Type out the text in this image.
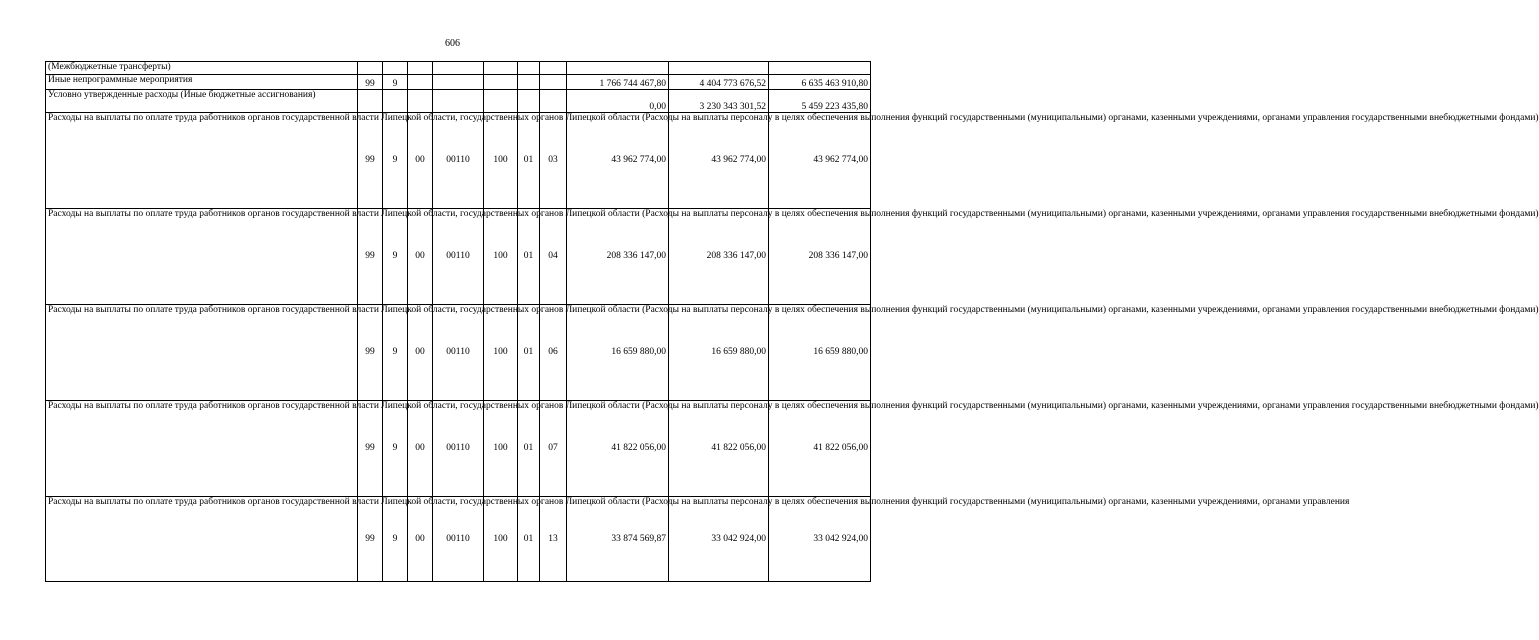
606
(Межбюджетные трансферты)										
Иные непрограммные мероприятия	99	9						1 766 744 467,80	4 404 773 676,52	6 635 463 910,80
Условно утвержденные расходы (Иные бюджетные ассигнования)								0,00	3 230 343 301,52	5 459 223 435,80
Расходы на выплаты по оплате труда работников органов государственной власти Липецкой области, государственных органов Липецкой области (Расходы на выплаты персоналу в целях обеспечения выполнения функций государственными (муниципальными) органами, казенными учреждениями, органами управления государственными внебюджетными фондами)	99	9	00	00110	100	01	03	43 962 774,00	43 962 774,00	43 962 774,00
Расходы на выплаты по оплате труда работников органов государственной власти Липецкой области, государственных органов Липецкой области (Расходы на выплаты персоналу в целях обеспечения выполнения функций государственными (муниципальными) органами, казенными учреждениями, органами управления государственными внебюджетными фондами)	99	9	00	00110	100	01	04	208 336 147,00	208 336 147,00	208 336 147,00
Расходы на выплаты по оплате труда работников органов государственной власти Липецкой области, государственных органов Липецкой области (Расходы на выплаты персоналу в целях обеспечения выполнения функций государственными (муниципальными) органами, казенными учреждениями, органами управления государственными внебюджетными фондами)	99	9	00	00110	100	01	06	16 659 880,00	16 659 880,00	16 659 880,00
Расходы на выплаты по оплате труда работников органов государственной власти Липецкой области, государственных органов Липецкой области (Расходы на выплаты персоналу в целях обеспечения выполнения функций государственными (муниципальными) органами, казенными учреждениями, органами управления государственными внебюджетными фондами)	99	9	00	00110	100	01	07	41 822 056,00	41 822 056,00	41 822 056,00
Расходы на выплаты по оплате труда работников органов государственной власти Липецкой области, государственных органов Липецкой области (Расходы на выплаты персоналу в целях обеспечения выполнения функций государственными (муниципальными) органами, казенными учреждениями, органами управления	99	9	00	00110	100	01	13	33 874 569,87	33 042 924,00	33 042 924,00
